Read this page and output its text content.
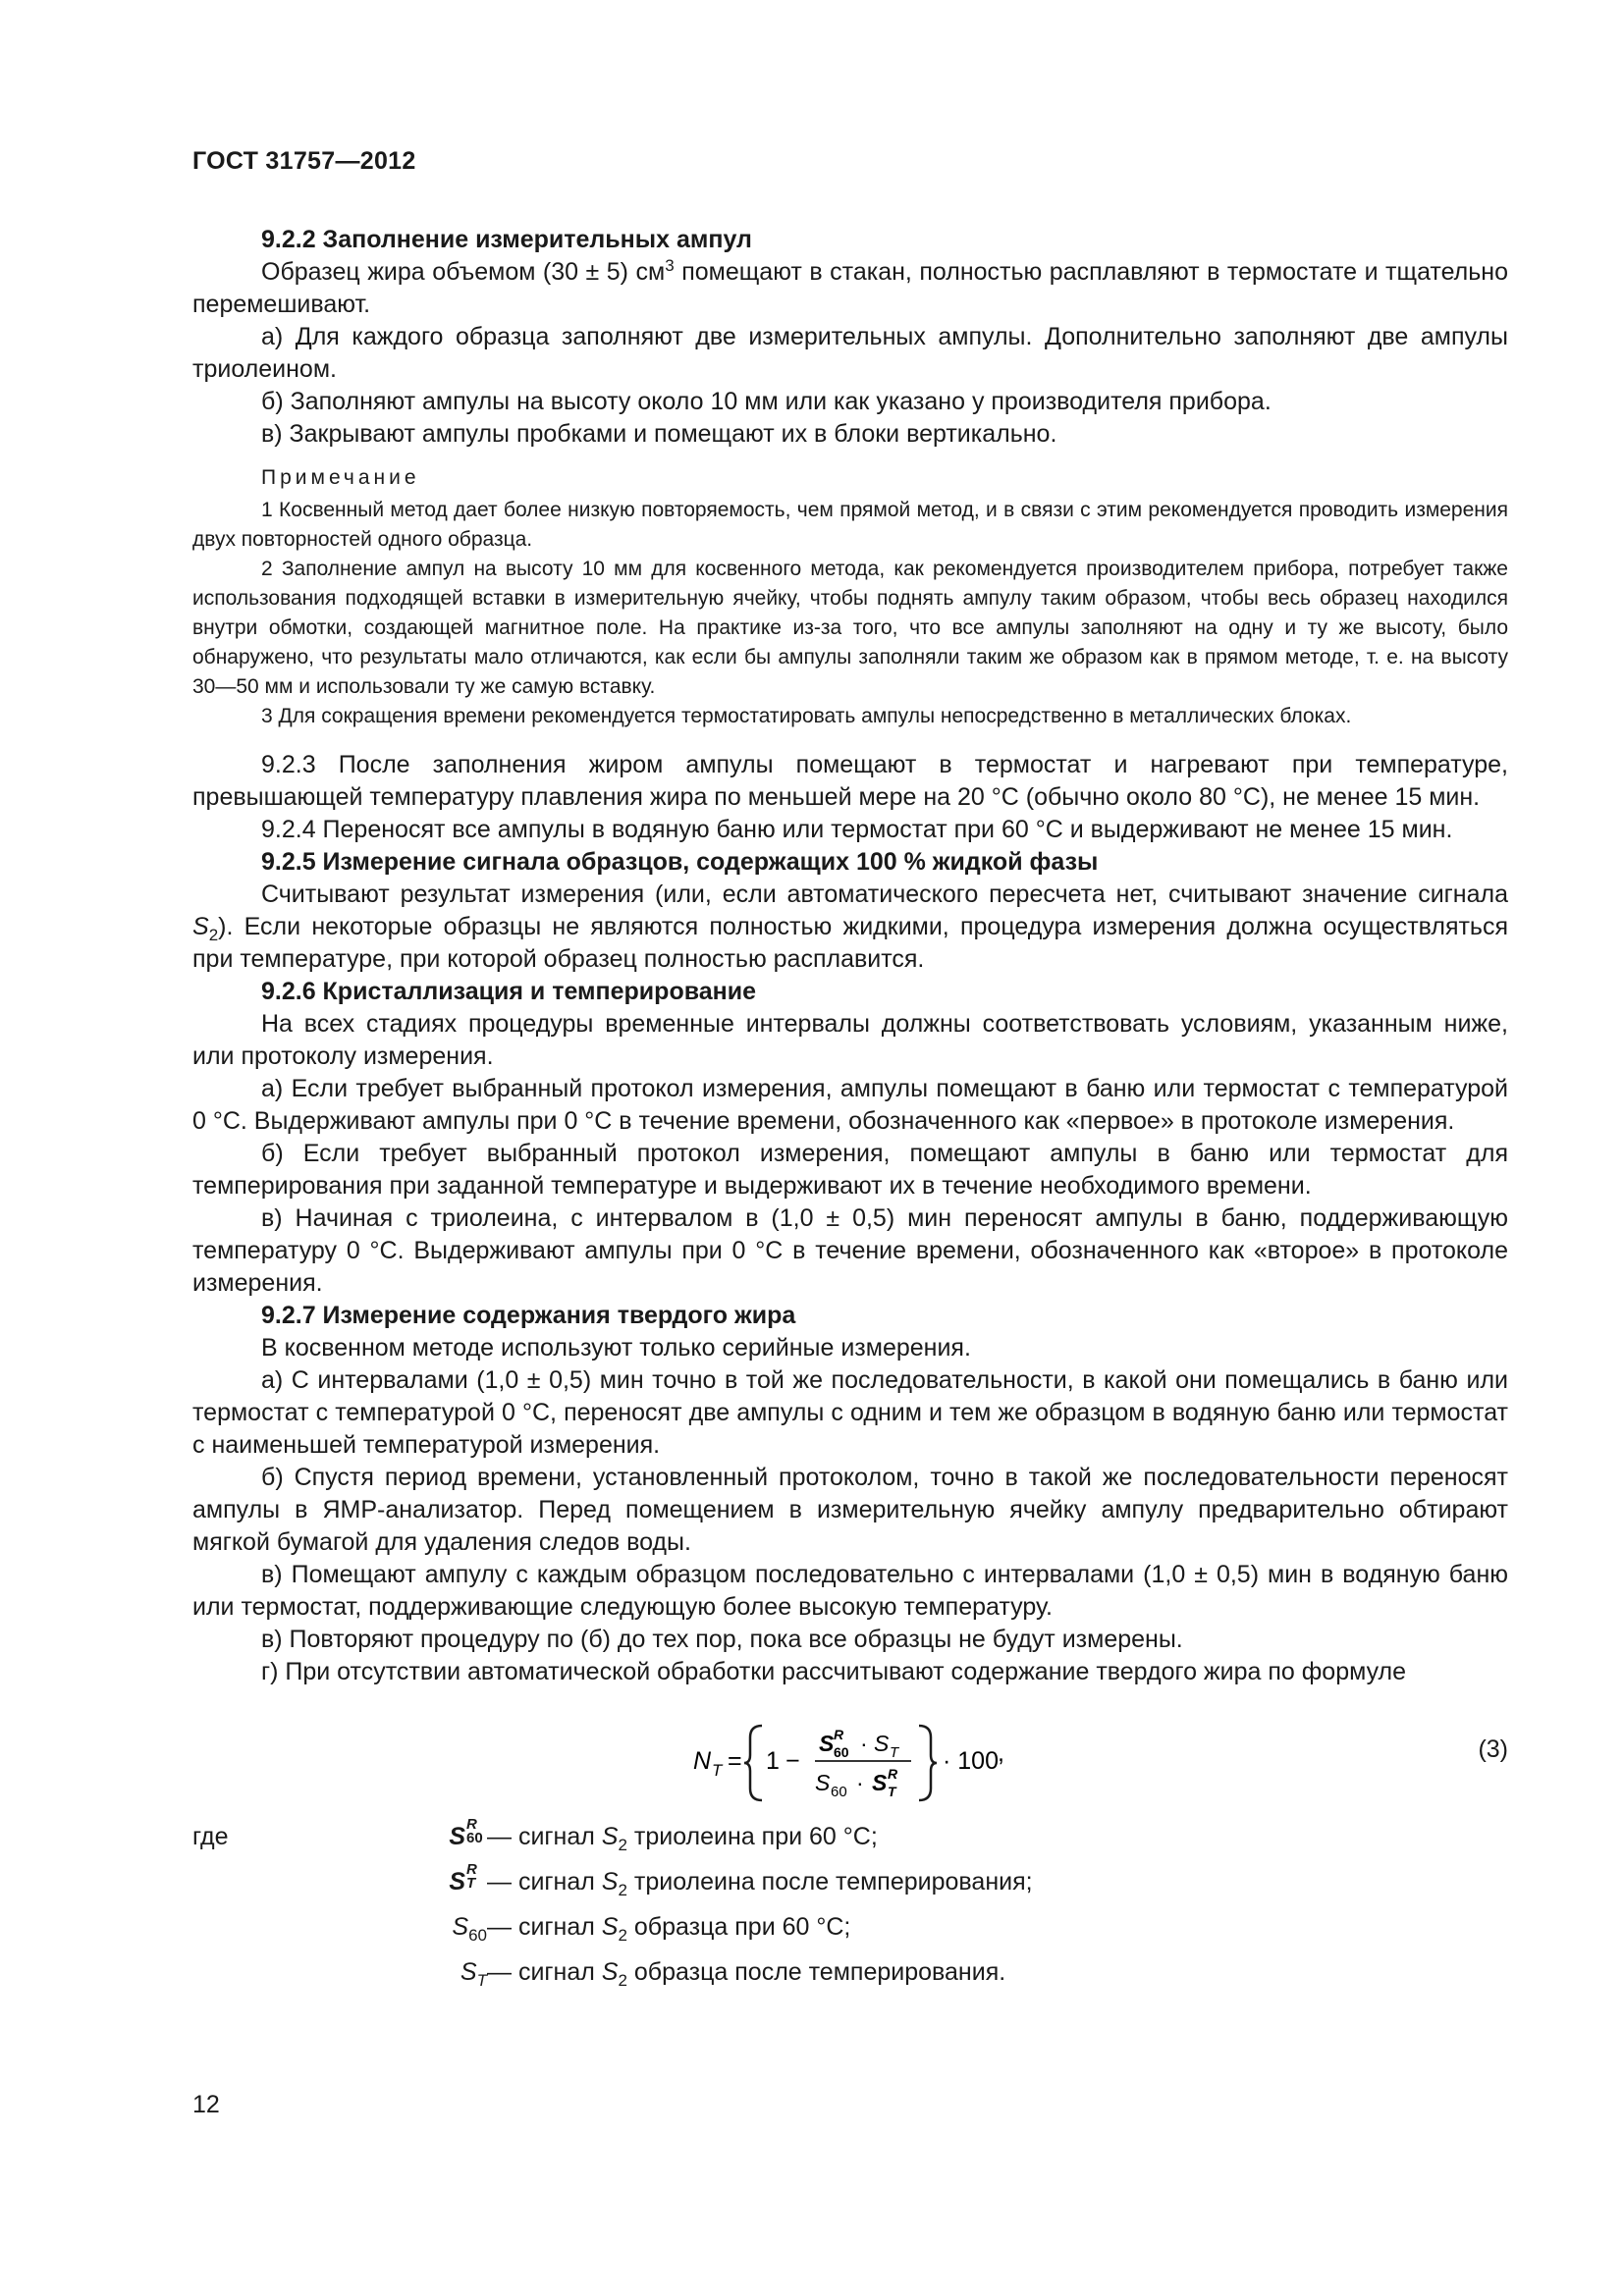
ГОСТ 31757—2012

9.2.2 Заполнение измерительных ампул

Образец жира объемом (30 ± 5) $см^3$ помещают в стакан, полностью расплавляют в термостате и тщательно перемешивают.

а) Для каждого образца заполняют две измерительных ампулы. Дополнительно заполняют две ампулы триолеином.

б) Заполняют ампулы на высоту около 10 мм или как указано у производителя прибора.

в) Закрывают ампулы пробками и помещают их в блоки вертикально.

Примечание

1 Косвенный метод дает более низкую повторяемость, чем прямой метод, и в связи с этим рекомендуется проводить измерения двух повторностей одного образца.

2 Заполнение ампул на высоту 10 мм для косвенного метода, как рекомендуется производителем прибора, потребует также использования подходящей вставки в измерительную ячейку, чтобы поднять ампулу таким образом, чтобы весь образец находился внутри обмотки, создающей магнитное поле. На практике из-за того, что все ампулы заполняют на одну и ту же высоту, было обнаружено, что результаты мало отличаются, как если бы ампулы заполняли таким же образом как в прямом методе, т. е. на высоту 30—50 мм и использовали ту же самую вставку.

3 Для сокращения времени рекомендуется термостатировать ампулы непосредственно в металлических блоках.

9.2.3 После заполнения жиром ампулы помещают в термостат и нагревают при температуре, превышающей температуру плавления жира по меньшей мере на 20 °С (обычно около 80 °С), не менее 15 мин.

9.2.4 Переносят все ампулы в водяную баню или термостат при 60 °С и выдерживают не менее 15 мин.

9.2.5 Измерение сигнала образцов, содержащих 100 % жидкой фазы

Считывают результат измерения (или, если автоматического пересчета нет, считывают значение сигнала $S_2$). Если некоторые образцы не являются полностью жидкими, процедура измерения должна осуществляться при температуре, при которой образец полностью расплавится.

9.2.6 Кристаллизация и темперирование

На всех стадиях процедуры временные интервалы должны соответствовать условиям, указанным ниже, или протоколу измерения.

а) Если требует выбранный протокол измерения, ампулы помещают в баню или термостат с температурой 0 °С. Выдерживают ампулы при 0 °С в течение времени, обозначенного как «первое» в протоколе измерения.

б) Если требует выбранный протокол измерения, помещают ампулы в баню или термостат для темперирования при заданной температуре и выдерживают их в течение необходимого времени.

в) Начиная с триолеина, с интервалом в (1,0 ± 0,5) мин переносят ампулы в баню, поддерживающую температуру 0 °С. Выдерживают ампулы при 0 °С в течение времени, обозначенного как «второе» в протоколе измерения.

9.2.7 Измерение содержания твердого жира

В косвенном методе используют только серийные измерения.

а) С интервалами (1,0 ± 0,5) мин точно в той же последовательности, в какой они помещались в баню или термостат с температурой 0 °С, переносят две ампулы с одним и тем же образцом в водяную баню или термостат с наименьшей температурой измерения.

б) Спустя период времени, установленный протоколом, точно в такой же последовательности переносят ампулы в ЯМР-анализатор. Перед помещением в измерительную ячейку ампулу предварительно обтирают мягкой бумагой для удаления следов воды.

в) Помещают ампулу с каждым образцом последовательно с интервалами (1,0 ± 0,5) мин в водяную баню или термостат, поддерживающие следующую более высокую температуру.

в) Повторяют процедуру по (б) до тех пор, пока все образцы не будут измерены.

г) При отсутствии автоматической обработки рассчитывают содержание твердого жира по формуле

N T = 1 −
S R
60 · S T
S 60 · S R
T
· 100 ,	(3)
где	S R
60
— сигнал $S_2$ триолеина при 60 °С;
S R
T
— сигнал $S_2$ триолеина после темперирования;
$S_{60}$ — сигнал $S_2$ образца при 60 °С;
$S_T$ — сигнал $S_2$ образца после темперирования.
12
